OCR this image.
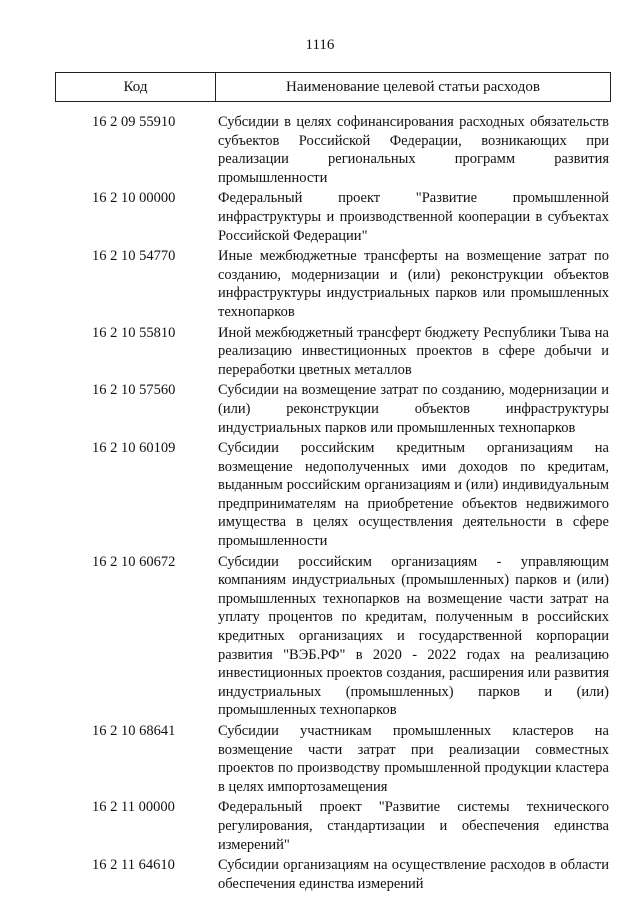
1116
Код	Наименование целевой статьи расходов
16 2 09 55910	Субсидии в целях софинансирования расходных обязательств субъектов Российской Федерации, возникающих при реализации региональных программ развития промышленности
16 2 10 00000	Федеральный проект "Развитие промышленной инфраструктуры и производственной кооперации в субъектах Российской Федерации"
16 2 10 54770	Иные межбюджетные трансферты на возмещение затрат по созданию, модернизации и (или) реконструкции объектов инфраструктуры индустриальных парков или промышленных технопарков
16 2 10 55810	Иной межбюджетный трансферт бюджету Республики Тыва на реализацию инвестиционных проектов в сфере добычи и переработки цветных металлов
16 2 10 57560	Субсидии на возмещение затрат по созданию, модернизации и (или) реконструкции объектов инфраструктуры индустриальных парков или промышленных технопарков
16 2 10 60109	Субсидии российским кредитным организациям на возмещение недополученных ими доходов по кредитам, выданным российским организациям и (или) индивидуальным предпринимателям на приобретение объектов недвижимого имущества в целях осуществления деятельности в сфере промышленности
16 2 10 60672	Субсидии российским организациям - управляющим компаниям индустриальных (промышленных) парков и (или) промышленных технопарков на возмещение части затрат на уплату процентов по кредитам, полученным в российских кредитных организациях и государственной корпорации развития "ВЭБ.РФ" в 2020 - 2022 годах на реализацию инвестиционных проектов создания, расширения или развития индустриальных (промышленных) парков и (или) промышленных технопарков
16 2 10 68641	Субсидии участникам промышленных кластеров на возмещение части затрат при реализации совместных проектов по производству промышленной продукции кластера в целях импортозамещения
16 2 11 00000	Федеральный проект "Развитие системы технического регулирования, стандартизации и обеспечения единства измерений"
16 2 11 64610	Субсидии организациям на осуществление расходов в области обеспечения единства измерений
